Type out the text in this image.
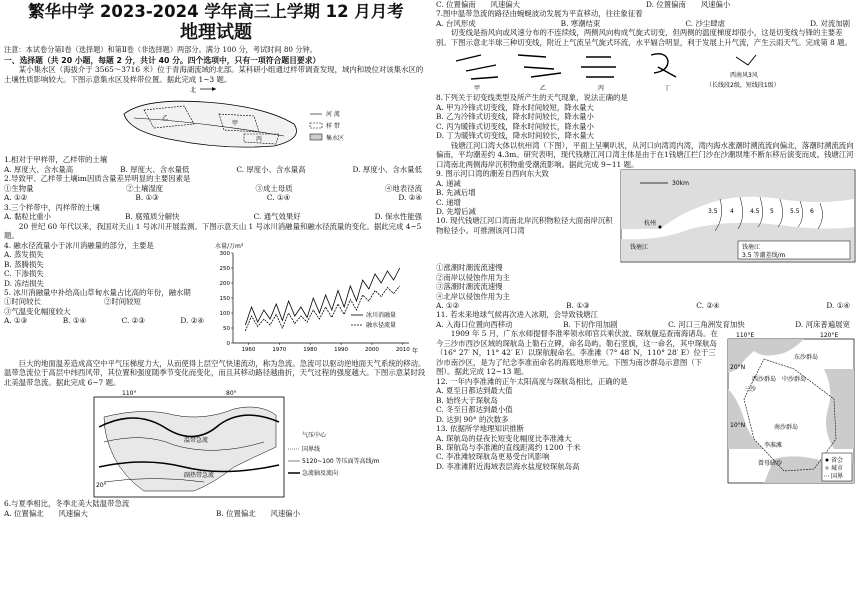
繁华中学 2023-2024 学年高三上学期 12 月月考
地理试题

注意：本试卷分第Ⅰ卷（选择题）和第Ⅱ卷（非选择题）两部分。满分 100 分，考试时间 80 分钟。

一、选择题（共 20 小题，每题 2 分，共计 40 分。四个选项中，只有一项符合题目要求）

某小集水区（海拔介于 3565～3716 米）位于青海湖流域的北部。某科研小组通过样带调查发现，域内和坡位对该集水区的土壤性质影响较大。下图示意集水区及样带位置。据此完成 1~3 题。

北
乙
甲
丙
河 流
样 带
集水区

1.相对于甲样带，乙样带的土壤

A. 厚度大、含水量高	B. 厚度大、含水量低	C. 厚度小、含水量高	D. 厚度小、含水量低

2.导致甲、乙样带土壤im因质含量差异明显的主要因素是

①生物量	②土壤湿度	③成土母质	④地表径流
A. ①②	B. ①③	C. ①④	D. ②④

3.三个样带中，丙样带的土壤

A. 黏粒比重小	B. 腐殖质分解快	C. 通气效果好	D. 保水性能强

20 世纪 60 年代以来，我国对天山 1 号冰川开展监测。下图示意天山 1 号冰川消融量和融水径流量的变化。据此完成 4~5 题。

4. 融水径流量小于冰川消融量的部分，主要是

A. 蒸发损失

B. 蒸腾损失

C. 下渗损失

D. 冻结损失

5. 冰川消融量中补给高山草甸水量占比高的年份，融水期

①时间较长	②时间较短

③气温变化幅度较大

A. ①③	B. ①④	C. ②③	D. ②④
水量/万m³
300
250
200
150
100
50
0
1960	1970	1980	1990	2000	2010 年
冰川消融量
融水径流量

巨大的地面温差造成高空中平气压梯度力大，从而使得上层空气快速流动，称为急流。急流可以驱动逆地面天气系统的移动。温带急流位于高层中纬西风带，其位置和强度随季节变化而变化，而且其移动路径越曲折，天气过程的强度越大。下图示意某时段北美温带急流。据此完成 6~7 题。

110°	80°
温带急流
副热带急流
20°
气压中心
国界线
5120~100 等压面等高线/m
急流轴及流向

6.与夏季相比，冬季北美大陆温带急流

A. 位置偏北　　风速偏大	B. 位置偏北　　风速偏小
C. 位置偏南　　风速偏大	D. 位置偏南　　风速偏小

7.图中温带急流的路径由蜿蜒波动发展为平直移动，往往象征着

A. 台风形成	B. 寒潮结束	C. 沙尘肆虐	D. 对流加剧

切变线是指风向或风速分布的不连续线，两侧风向构成气旋式切变，但两侧的温度梯度却很小，这是切变线与锋的主要差别。下图示意北半球三种切变线，附近上气流呈气旋式环流，水平辐合明显，利于发展上升气流，产生云雨天气。完成第 8 题。

甲	乙	丙	丁
西南风3风
（长线段2级，短线段1级）

8.下列关于切变线类型及所产生的天气现象，说法正确的是

A. 甲为冷锋式切变线，降水时间较短，降水量大

B. 乙为冷锋式切变线，降水时间较长，降水量小

C. 丙为暖锋式切变线，降水时间较长，降水量小

D. 丁为暖锋式切变线，降水时间较长，降水量大

钱塘江河口湾大体以杭州湾（下图），平面上呈喇叭状，从河口向湾湾内湾，湾内海水涨潮时溯流流向偏北，落潮时溯流流向偏南，平均潮差约 4.3m。研究表明，现代钱塘江河口湾主体是由于在1钱塘江拦门沙在沙潮坝堆不断东移后演变而成。钱塘江河口湾南北两侧海岸沉积物重受潮流影响。据此完成 9~11 题。

9. 图示河口湾的潮差自西向东大致

A. 递减

B. 先减后增

C. 递增

D. 先增后减

10. 现代钱塘江河口湾南北岸沉积物粒径大面南岸沉积物粒径小。可推测该河口湾

30km
3.5 4	4.5 5	5.5 6
杭州
钱塘江	钱塘江
3.5 等潮差线/m
①涨潮时潮流流速慢

②南岸以侵蚀作用为主

③落潮时潮流流速慢

④北岸以侵蚀作用为主

A. ①②	B. ①③	C. ②④	D. ①④

11. 若未来地球气候再次进入冰期，会导致钱塘江

A. 入海口位置向西移动	B. 下切作用加剧	C. 河口三角洲发育加快	D. 河床普遍展宽

1909 年 5 月，广东水师提督李准率领水师官兵乘伏波、琛航舰巡查南海诸岛。在今三沙市西沙区域的琛航岛上勒石立碑，命名岛屿。勒石竖旗，这一命名，其中琛航岛（16° 27′ N，11° 42′ E）以琛航舰命名。李准滩（7° 48′ N，110° 28′ E）位于三沙市南沙区，是为了纪念李准而命名的海底地形单元。下图为南沙群岛示意图（下图）。据此完成 12~13 题。

12. 一年内李准滩的正午太阳高度与琛航岛相比，正确的是

A. 夏至日都达到最大值

B. 始终大于琛航岛

C. 冬至日都达到最小值

D. 达到 90° 的次数多

13. 依据所学地理知识推断

A. 琛航岛的昼夜长短变化幅度比李准滩大

B. 琛航岛与李准滩的直线距离约 1200 千米

C. 李准滩较琛航岛更易受台风影响

D. 李准滩附近海域表层海水盐度较琛航岛高

110°E	120°E
东沙群岛
中沙群岛
西沙群岛
南沙群岛
三沙
李准滩
曾母暗沙
20°N
10°N
省会
城市
国界
